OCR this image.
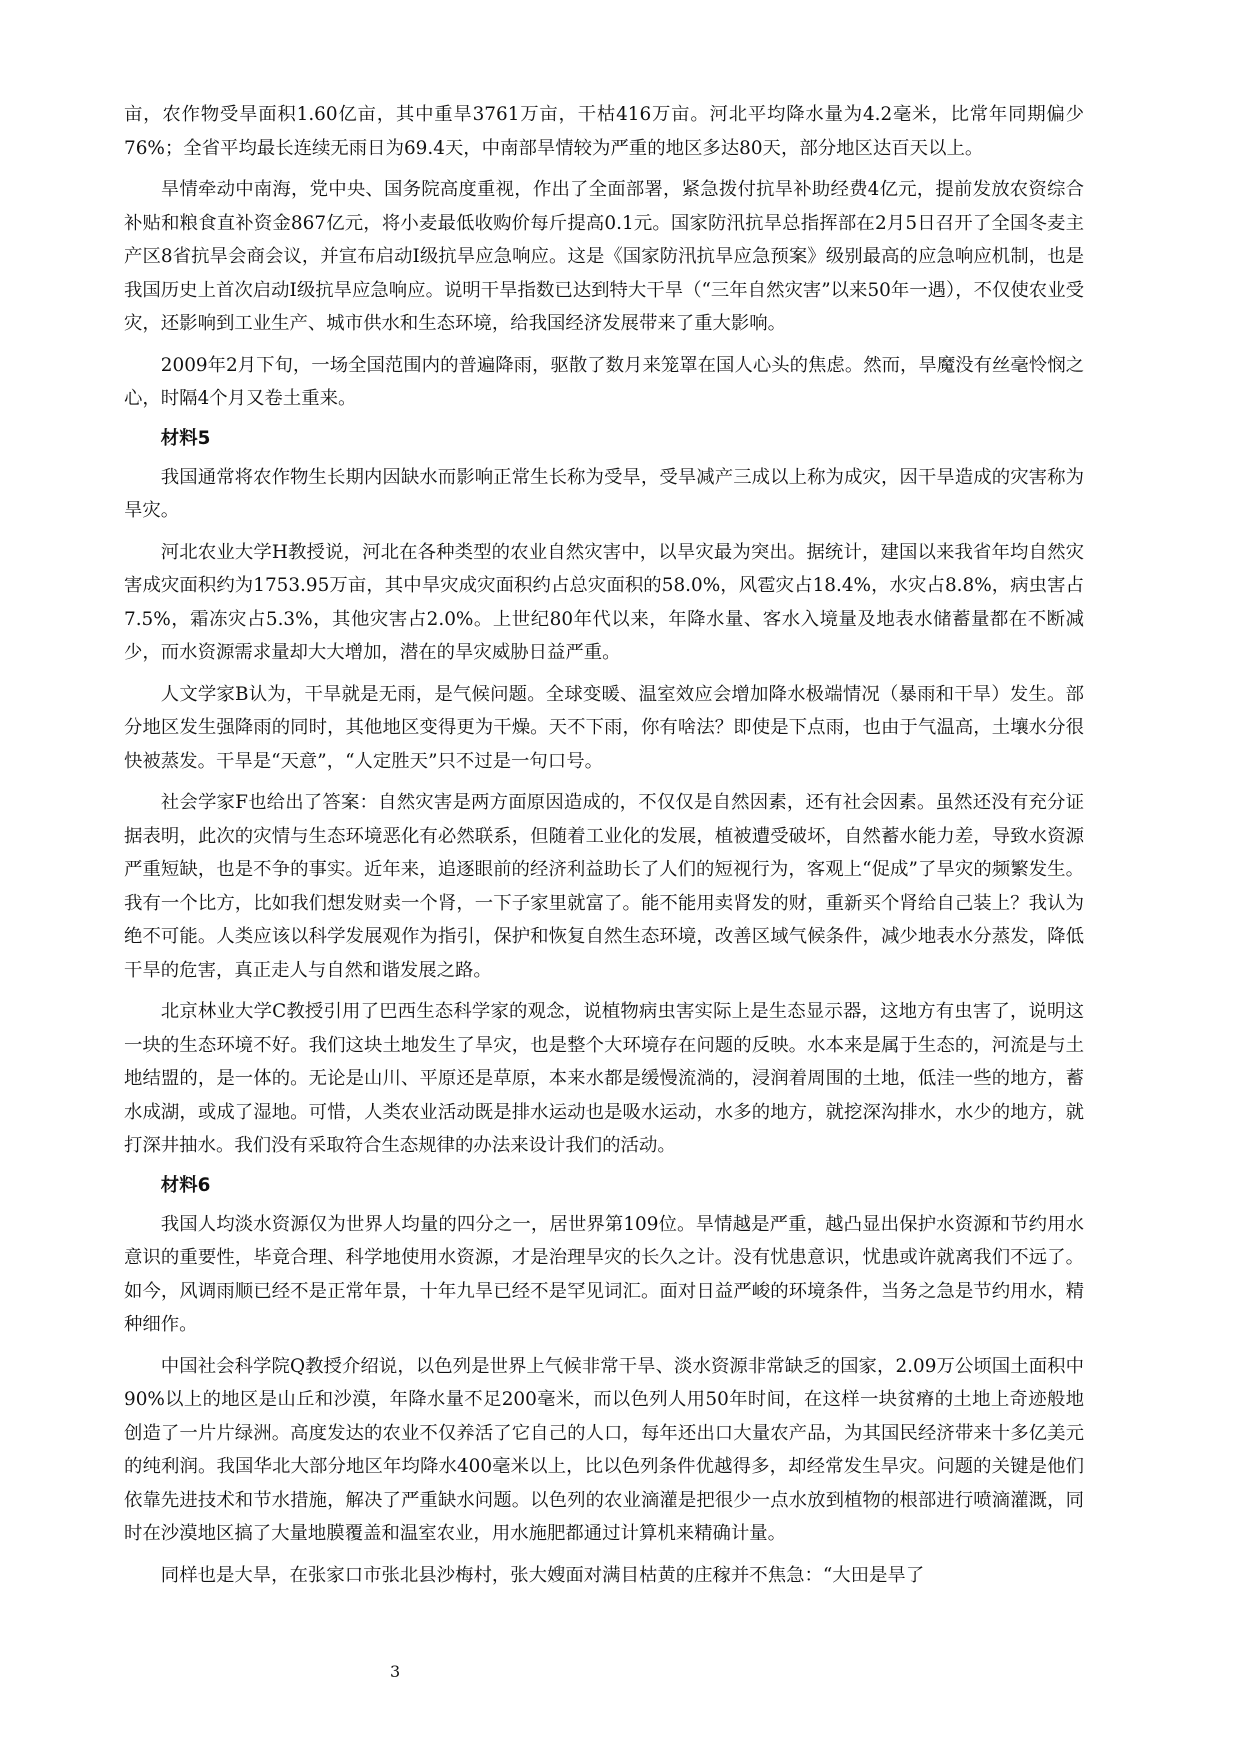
亩，农作物受旱面积1.60亿亩，其中重旱3761万亩，干枯416万亩。河北平均降水量为4.2毫米，比常年同期偏少76%；全省平均最长连续无雨日为69.4天，中南部旱情较为严重的地区多达80天，部分地区达百天以上。

旱情牵动中南海，党中央、国务院高度重视，作出了全面部署，紧急拨付抗旱补助经费4亿元，提前发放农资综合补贴和粮食直补资金867亿元，将小麦最低收购价每斤提高0.1元。国家防汛抗旱总指挥部在2月5日召开了全国冬麦主产区8省抗旱会商会议，并宣布启动Ⅰ级抗旱应急响应。这是《国家防汛抗旱应急预案》级别最高的应急响应机制，也是我国历史上首次启动Ⅰ级抗旱应急响应。说明干旱指数已达到特大干旱（“三年自然灾害”以来50年一遇），不仅使农业受灾，还影响到工业生产、城市供水和生态环境，给我国经济发展带来了重大影响。

2009年2月下旬，一场全国范围内的普遍降雨，驱散了数月来笼罩在国人心头的焦虑。然而，旱魔没有丝毫怜悯之心，时隔4个月又卷土重来。

材料5

我国通常将农作物生长期内因缺水而影响正常生长称为受旱，受旱减产三成以上称为成灾，因干旱造成的灾害称为旱灾。

河北农业大学H教授说，河北在各种类型的农业自然灾害中，以旱灾最为突出。据统计，建国以来我省年均自然灾害成灾面积约为1753.95万亩，其中旱灾成灾面积约占总灾面积的58.0%，风雹灾占18.4%，水灾占8.8%，病虫害占7.5%，霜冻灾占5.3%，其他灾害占2.0%。上世纪80年代以来，年降水量、客水入境量及地表水储蓄量都在不断减少，而水资源需求量却大大增加，潜在的旱灾威胁日益严重。

人文学家B认为，干旱就是无雨，是气候问题。全球变暖、温室效应会增加降水极端情况（暴雨和干旱）发生。部分地区发生强降雨的同时，其他地区变得更为干燥。天不下雨，你有啥法？即使是下点雨，也由于气温高，土壤水分很快被蒸发。干旱是“天意”，“人定胜天”只不过是一句口号。

社会学家F也给出了答案：自然灾害是两方面原因造成的，不仅仅是自然因素，还有社会因素。虽然还没有充分证据表明，此次的灾情与生态环境恶化有必然联系，但随着工业化的发展，植被遭受破坏，自然蓄水能力差，导致水资源严重短缺，也是不争的事实。近年来，追逐眼前的经济利益助长了人们的短视行为，客观上“促成”了旱灾的频繁发生。我有一个比方，比如我们想发财卖一个肾，一下子家里就富了。能不能用卖肾发的财，重新买个肾给自己装上？我认为绝不可能。人类应该以科学发展观作为指引，保护和恢复自然生态环境，改善区域气候条件，减少地表水分蒸发，降低干旱的危害，真正走人与自然和谐发展之路。

北京林业大学C教授引用了巴西生态科学家的观念，说植物病虫害实际上是生态显示器，这地方有虫害了，说明这一块的生态环境不好。我们这块土地发生了旱灾，也是整个大环境存在问题的反映。水本来是属于生态的，河流是与土地结盟的，是一体的。无论是山川、平原还是草原，本来水都是缓慢流淌的，浸润着周围的土地，低洼一些的地方，蓄水成湖，或成了湿地。可惜，人类农业活动既是排水运动也是吸水运动，水多的地方，就挖深沟排水，水少的地方，就打深井抽水。我们没有采取符合生态规律的办法来设计我们的活动。

材料6

我国人均淡水资源仅为世界人均量的四分之一，居世界第109位。旱情越是严重，越凸显出保护水资源和节约用水意识的重要性，毕竟合理、科学地使用水资源，才是治理旱灾的长久之计。没有忧患意识，忧患或许就离我们不远了。如今，风调雨顺已经不是正常年景，十年九旱已经不是罕见词汇。面对日益严峻的环境条件，当务之急是节约用水，精种细作。

中国社会科学院Q教授介绍说，以色列是世界上气候非常干旱、淡水资源非常缺乏的国家，2.09万公顷国土面积中90%以上的地区是山丘和沙漠，年降水量不足200毫米，而以色列人用50年时间，在这样一块贫瘠的土地上奇迹般地创造了一片片绿洲。高度发达的农业不仅养活了它自己的人口，每年还出口大量农产品，为其国民经济带来十多亿美元的纯利润。我国华北大部分地区年均降水400毫米以上，比以色列条件优越得多，却经常发生旱灾。问题的关键是他们依靠先进技术和节水措施，解决了严重缺水问题。以色列的农业滴灌是把很少一点水放到植物的根部进行喷滴灌溉，同时在沙漠地区搞了大量地膜覆盖和温室农业，用水施肥都通过计算机来精确计量。

同样也是大旱，在张家口市张北县沙梅村，张大嫂面对满目枯黄的庄稼并不焦急：“大田是旱了

3
